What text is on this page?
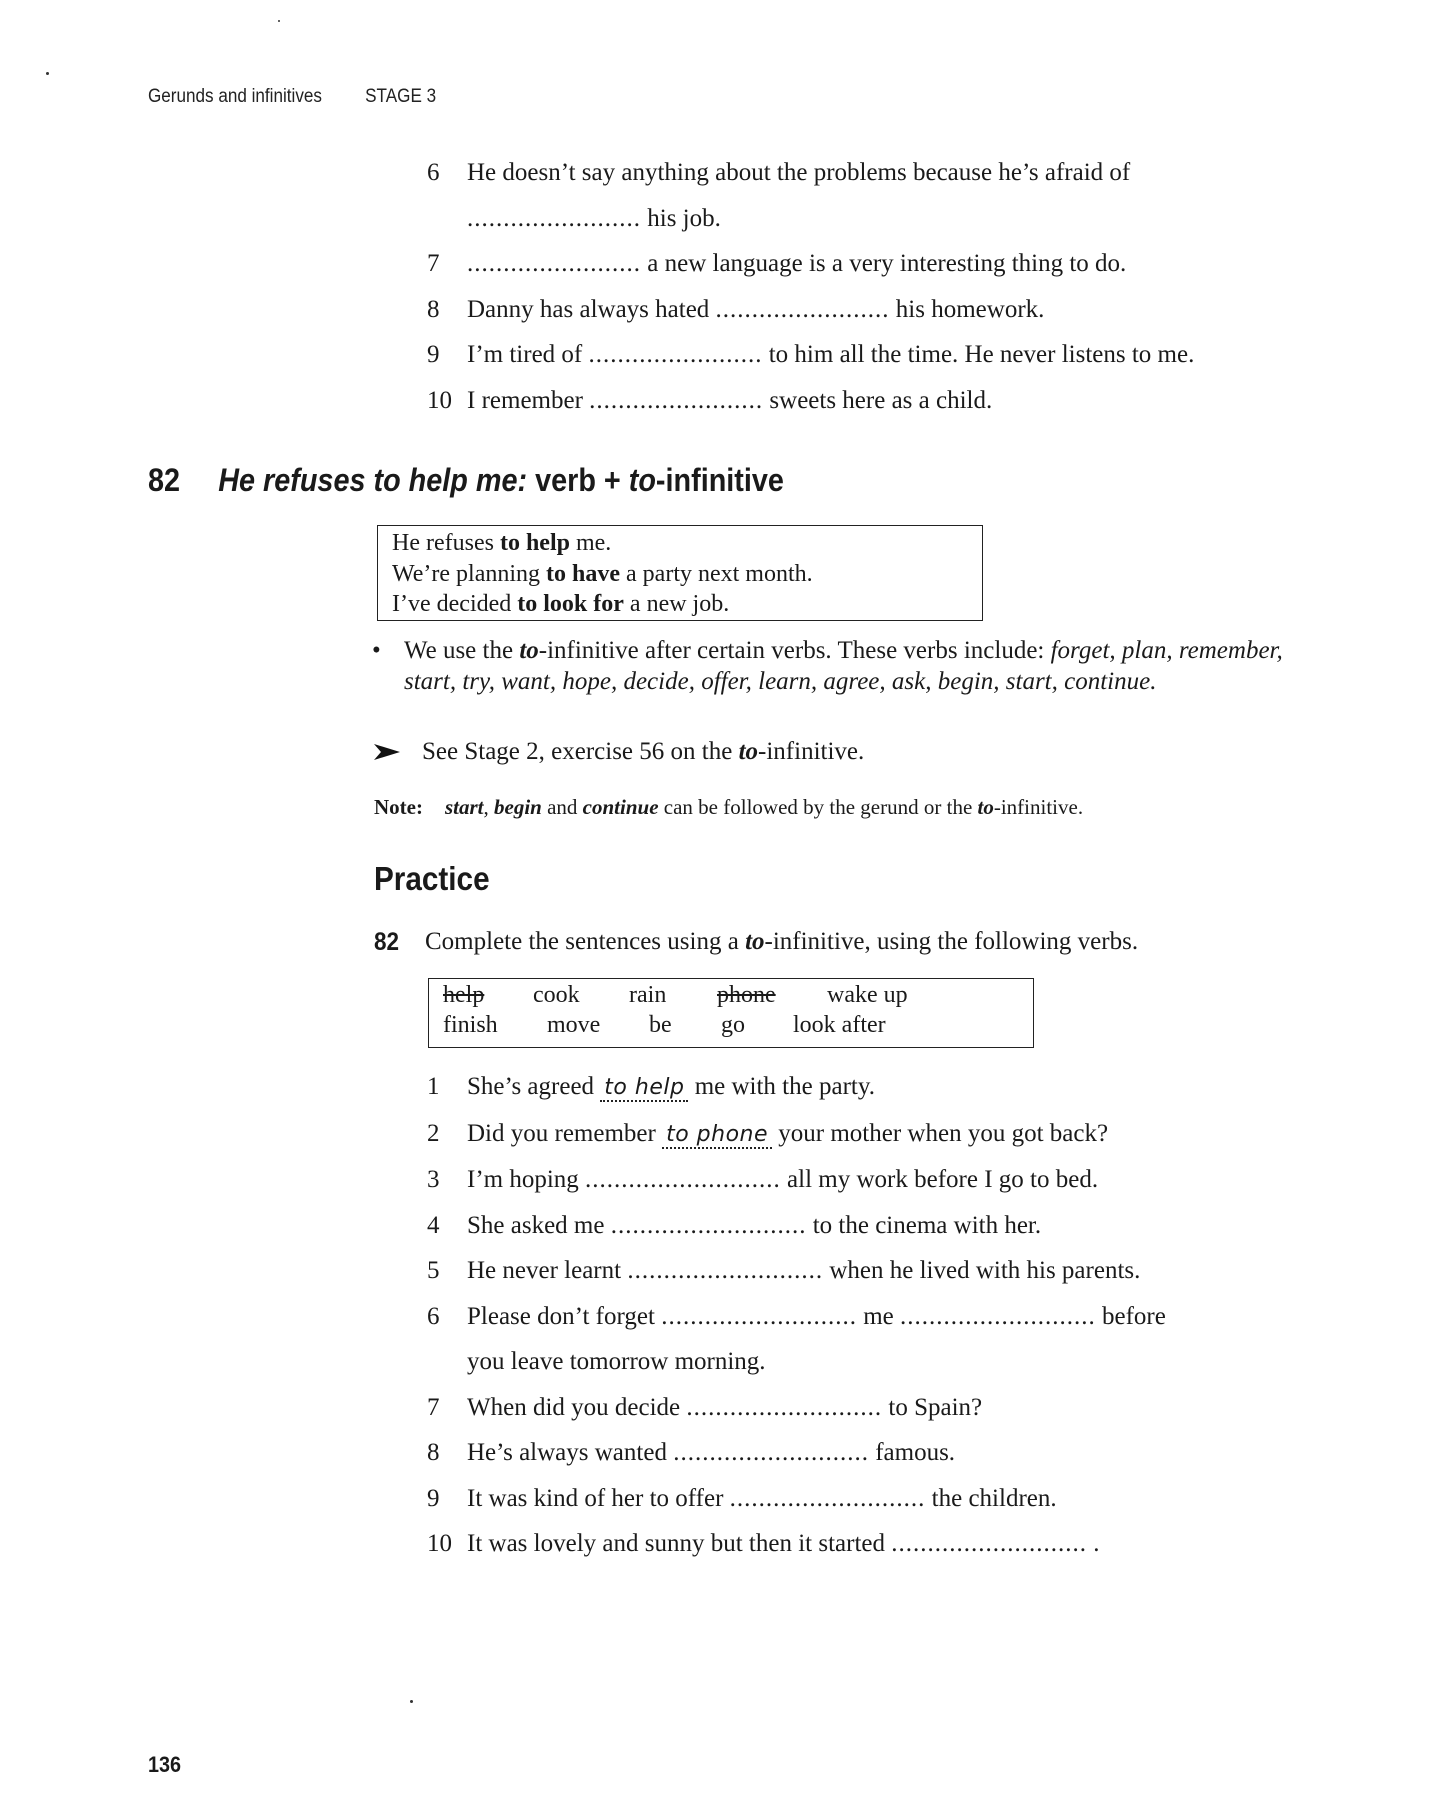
Gerunds and infinitives STAGE 3
6	He doesn’t say anything about the problems because he’s afraid of
........................ his job.
7	........................ a new language is a very interesting thing to do.
8	Danny has always hated ........................ his homework.
9	I’m tired of ........................ to him all the time. He never listens to me.
10 I remember ........................ sweets here as a child.
82 He refuses to help me: verb + to-infinitive

He refuses to help me.

We’re planning to have a party next month.

I’ve decided to look for a new job.

• We use the to-infinitive after certain verbs. These verbs include: forget, plan, remember, start, try, want, hope, decide, offer, learn, agree, ask, begin, start, continue.
See Stage 2, exercise 56 on the to-infinitive.
Note: start, begin and continue can be followed by the gerund or the to-infinitive.
Practice
82	Complete the sentences using a to-infinitive, using the following verbs.
help cook rain phone wake up
finish move be go look after
1	She’s agreed to help me with the party.
2	Did you remember to phone your mother when you got back?
3	I’m hoping ........................... all my work before I go to bed.
4	She asked me ........................... to the cinema with her.
5	He never learnt ........................... when he lived with his parents.
6	Please don’t forget ........................... me ........................... before
you leave tomorrow morning.
7	When did you decide ........................... to Spain?
8	He’s always wanted ........................... famous.
9	It was kind of her to offer ........................... the children.
10 It was lovely and sunny but then it started ........................... .
136
